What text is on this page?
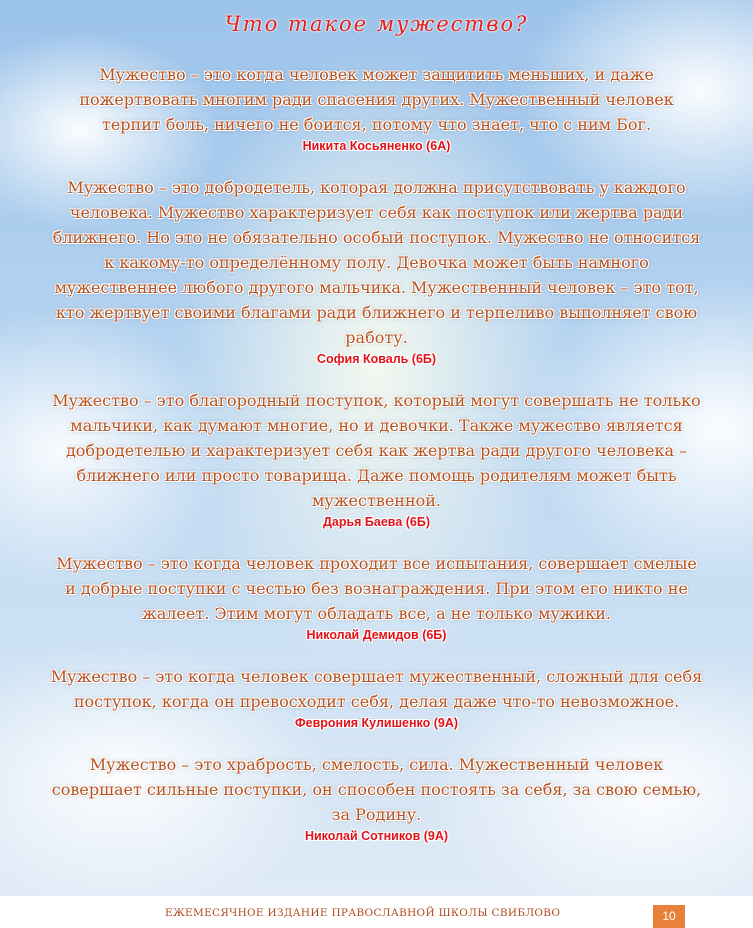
Что такое мужество?
Мужество – это когда человек может защитить меньших, и даже пожертвовать многим ради спасения других. Мужественный человек терпит боль, ничего не боится, потому что знает, что с ним Бог.
Никита Косьяненко (6А)
Мужество – это добродетель, которая должна присутствовать у каждого человека. Мужество характеризует себя как поступок или жертва ради ближнего. Но это не обязательно особый поступок. Мужество не относится к какому-то определённому полу. Девочка может быть намного мужественнее любого другого мальчика. Мужественный человек – это тот, кто жертвует своими благами ради ближнего и терпеливо выполняет свою работу.
София Коваль (6Б)
Мужество – это благородный поступок, который могут совершать не только мальчики, как думают многие, но и девочки. Также мужество является добродетелью и характеризует себя как жертва ради другого человека – ближнего или просто товарища. Даже помощь родителям может быть мужественной.
Дарья Баева (6Б)
Мужество – это когда человек проходит все испытания, совершает смелые и добрые поступки с честью без вознаграждения. При этом его никто не жалеет. Этим могут обладать все, а не только мужики.
Николай Демидов (6Б)
Мужество – это когда человек совершает мужественный, сложный для себя поступок, когда он превосходит себя, делая даже что-то невозможное.
Феврония Кулишенко (9А)
Мужество – это храбрость, смелость, сила. Мужественный человек совершает сильные поступки, он способен постоять за себя, за свою семью, за Родину.
Николай Сотников (9А)
ЕЖЕМЕСЯЧНОЕ ИЗДАНИЕ ПРАВОСЛАВНОЙ ШКОЛЫ СВИБЛОВО	10
